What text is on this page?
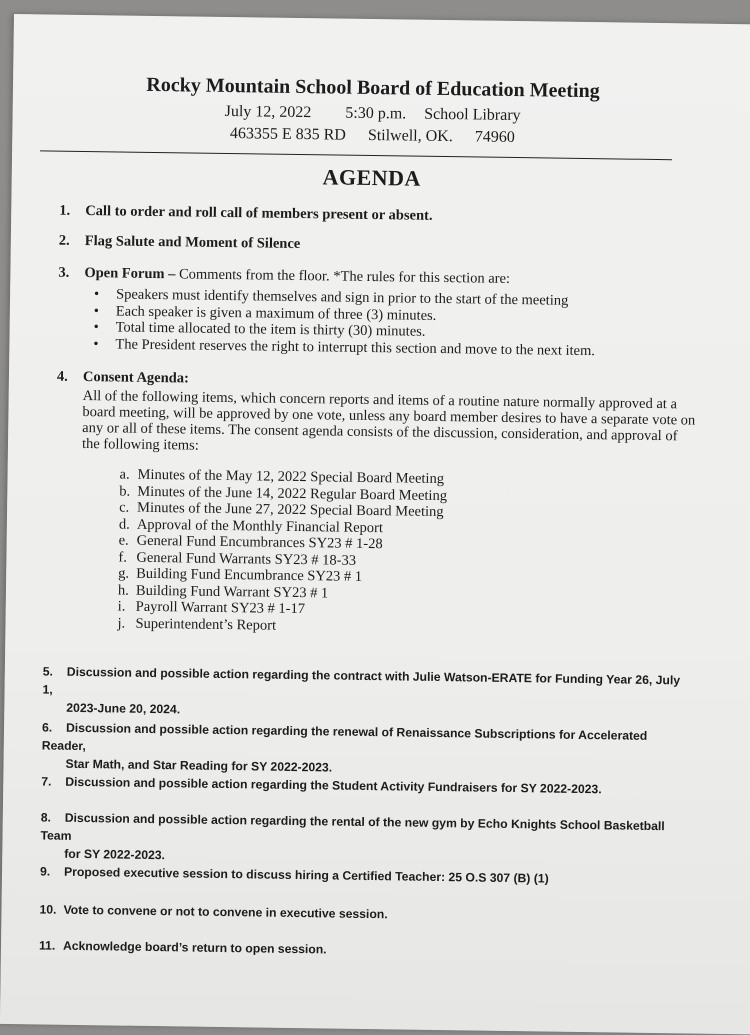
Rocky Mountain School Board of Education Meeting
July 12, 2022 5:30 p.m. School Library
463355 E 835 RD Stilwell, OK. 74960
AGENDA
1. Call to order and roll call of members present or absent.
2. Flag Salute and Moment of Silence
3. Open Forum – Comments from the floor. *The rules for this section are:
• Speakers must identify themselves and sign in prior to the start of the meeting
• Each speaker is given a maximum of three (3) minutes.
• Total time allocated to the item is thirty (30) minutes.
• The President reserves the right to interrupt this section and move to the next item.
4. Consent Agenda:
All of the following items, which concern reports and items of a routine nature normally approved at a board meeting, will be approved by one vote, unless any board member desires to have a separate vote on any or all of these items. The consent agenda consists of the discussion, consideration, and approval of the following items:
a. Minutes of the May 12, 2022 Special Board Meeting
b. Minutes of the June 14, 2022 Regular Board Meeting
c. Minutes of the June 27, 2022 Special Board Meeting
d. Approval of the Monthly Financial Report
e. General Fund Encumbrances SY23 # 1-28
f. General Fund Warrants SY23 # 18-33
g. Building Fund Encumbrance SY23 # 1
h. Building Fund Warrant SY23 # 1
i. Payroll Warrant SY23 # 1-17
j. Superintendent’s Report
5. Discussion and possible action regarding the contract with Julie Watson-ERATE for Funding Year 26, July 1,
2023-June 20, 2024.
6. Discussion and possible action regarding the renewal of Renaissance Subscriptions for Accelerated Reader,
Star Math, and Star Reading for SY 2022-2023.
7. Discussion and possible action regarding the Student Activity Fundraisers for SY 2022-2023.
8. Discussion and possible action regarding the rental of the new gym by Echo Knights School Basketball Team
for SY 2022-2023.
9. Proposed executive session to discuss hiring a Certified Teacher: 25 O.S 307 (B) (1)
10. Vote to convene or not to convene in executive session.
11. Acknowledge board’s return to open session.
